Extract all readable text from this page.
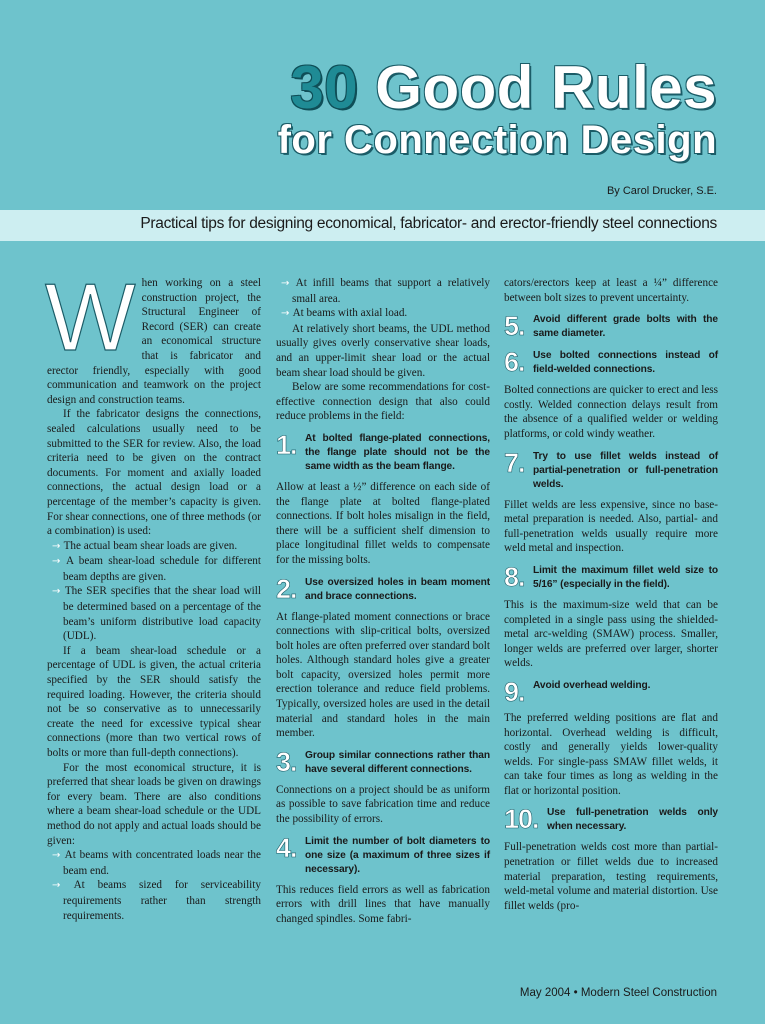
30 Good Rules
for Connection Design
By Carol Drucker, S.E.
Practical tips for designing economical, fabricator- and erector-friendly steel connections

When working on a steel construction project, the Structural Engineer of Record (SER) can create an economical structure that is fabricator and erector friendly, especially with good communication and teamwork on the project design and construction teams.

If the fabricator designs the connections, sealed calculations usually need to be submitted to the SER for review. Also, the load criteria need to be given on the contract documents. For moment and axially loaded connections, the actual design load or a percentage of the member’s capacity is given. For shear connections, one of three methods (or a combination) is used:

→ The actual beam shear loads are given.
→ A beam shear-load schedule for different beam depths are given.
→ The SER specifies that the shear load will be determined based on a percentage of the beam’s uniform distributive load capacity (UDL).

If a beam shear-load schedule or a percentage of UDL is given, the actual criteria specified by the SER should satisfy the required loading. However, the criteria should not be so conservative as to unnecessarily create the need for excessive typical shear connections (more than two vertical rows of bolts or more than full-depth connections).

For the most economical structure, it is preferred that shear loads be given on drawings for every beam. There are also conditions where a beam shear-load schedule or the UDL method do not apply and actual loads should be given:

→ At beams with concentrated loads near the beam end.
→ At beams sized for serviceability requirements rather than strength requirements.
→ At infill beams that support a relatively small area.
→ At beams with axial load.

At relatively short beams, the UDL method usually gives overly conservative shear loads, and an upper-limit shear load or the actual beam shear load should be given.

Below are some recommendations for cost-effective connection design that also could reduce problems in the field:

1. At bolted flange-plated connections, the flange plate should not be the same width as the beam flange.

Allow at least a ½” difference on each side of the flange plate at bolted flange-plated connections. If bolt holes misalign in the field, there will be a sufficient shelf dimension to place longitudinal fillet welds to compensate for the missing bolts.

2. Use oversized holes in beam moment and brace connections.

At flange-plated moment connections or brace connections with slip-critical bolts, oversized bolt holes are often preferred over standard bolt holes. Although standard holes give a greater bolt capacity, oversized holes permit more erection tolerance and reduce field problems. Typically, oversized holes are used in the detail material and standard holes in the main member.

3. Group similar connections rather than have several different connections.

Connections on a project should be as uniform as possible to save fabrication time and reduce the possibility of errors.

4. Limit the number of bolt diameters to one size (a maximum of three sizes if necessary).

This reduces field errors as well as fabrication errors with drill lines that have manually changed spindles. Some fabri-

cators/erectors keep at least a ¼” difference between bolt sizes to prevent uncertainty.

5. Avoid different grade bolts with the same diameter.
6. Use bolted connections instead of field-welded connections.

Bolted connections are quicker to erect and less costly. Welded connection delays result from the absence of a qualified welder or welding platforms, or cold windy weather.

7. Try to use fillet welds instead of partial-penetration or full-penetration welds.

Fillet welds are less expensive, since no base-metal preparation is needed. Also, partial- and full-penetration welds usually require more weld metal and inspection.

8. Limit the maximum fillet weld size to 5/16” (especially in the field).

This is the maximum-size weld that can be completed in a single pass using the shielded-metal arc-welding (SMAW) process. Smaller, longer welds are preferred over larger, shorter welds.

9. Avoid overhead welding.

The preferred welding positions are flat and horizontal. Overhead welding is difficult, costly and generally yields lower-quality welds. For single-pass SMAW fillet welds, it can take four times as long as welding in the flat or horizontal position.

10. Use full-penetration welds only when necessary.

Full-penetration welds cost more than partial-penetration or fillet welds due to increased material preparation, testing requirements, weld-metal volume and material distortion. Use fillet welds (pro-

May 2004 • Modern Steel Construction
